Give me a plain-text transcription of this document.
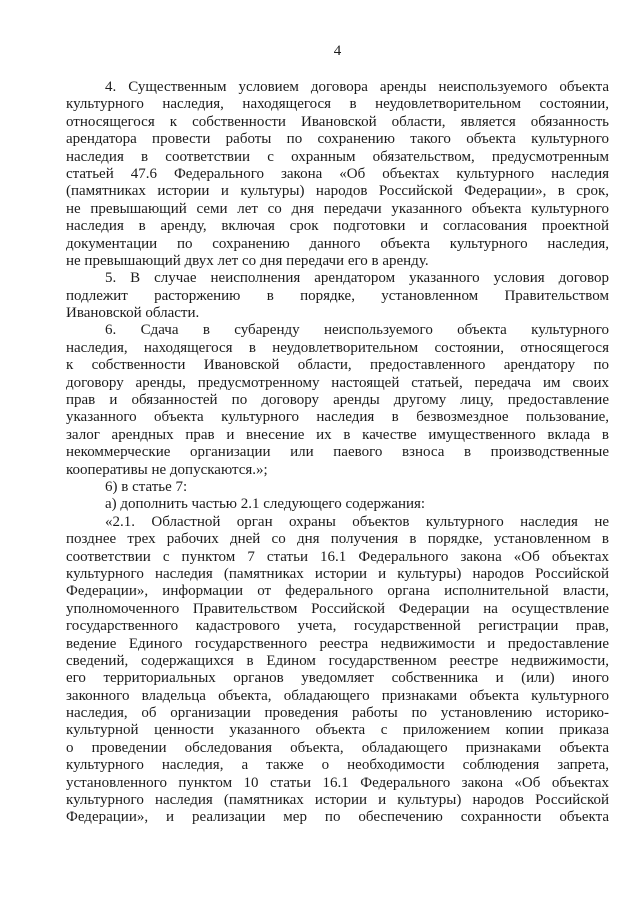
4
4. Существенным условием договора аренды неиспользуемого объекта
культурного наследия, находящегося в неудовлетворительном состоянии,
относящегося к собственности Ивановской области, является обязанность
арендатора провести работы по сохранению такого объекта культурного
наследия в соответствии с охранным обязательством, предусмотренным
статьей 47.6 Федерального закона «Об объектах культурного наследия
(памятниках истории и культуры) народов Российской Федерации», в срок,
не превышающий семи лет со дня передачи указанного объекта культурного
наследия в аренду, включая срок подготовки и согласования проектной
документации по сохранению данного объекта культурного наследия,
не превышающий двух лет со дня передачи его в аренду.
5. В случае неисполнения арендатором указанного условия договор
подлежит расторжению в порядке, установленном Правительством
Ивановской области.
6. Сдача в субаренду неиспользуемого объекта культурного
наследия, находящегося в неудовлетворительном состоянии, относящегося
к собственности Ивановской области, предоставленного арендатору по
договору аренды, предусмотренному настоящей статьей, передача им своих
прав и обязанностей по договору аренды другому лицу, предоставление
указанного объекта культурного наследия в безвозмездное пользование,
залог арендных прав и внесение их в качестве имущественного вклада в
некоммерческие организации или паевого взноса в производственные
кооперативы не допускаются.»;
6) в статье 7:
а) дополнить частью 2.1 следующего содержания:
«2.1. Областной орган охраны объектов культурного наследия не
позднее трех рабочих дней со дня получения в порядке, установленном в
соответствии с пунктом 7 статьи 16.1 Федерального закона «Об объектах
культурного наследия (памятниках истории и культуры) народов Российской
Федерации», информации от федерального органа исполнительной власти,
уполномоченного Правительством Российской Федерации на осуществление
государственного кадастрового учета, государственной регистрации прав,
ведение Единого государственного реестра недвижимости и предоставление
сведений, содержащихся в Едином государственном реестре недвижимости,
его территориальных органов уведомляет собственника и (или) иного
законного владельца объекта, обладающего признаками объекта культурного
наследия, об организации проведения работы по установлению историко-
культурной ценности указанного объекта с приложением копии приказа
о проведении обследования объекта, обладающего признаками объекта
культурного наследия, а также о необходимости соблюдения запрета,
установленного пунктом 10 статьи 16.1 Федерального закона «Об объектах
культурного наследия (памятниках истории и культуры) народов Российской
Федерации», и реализации мер по обеспечению сохранности объекта
